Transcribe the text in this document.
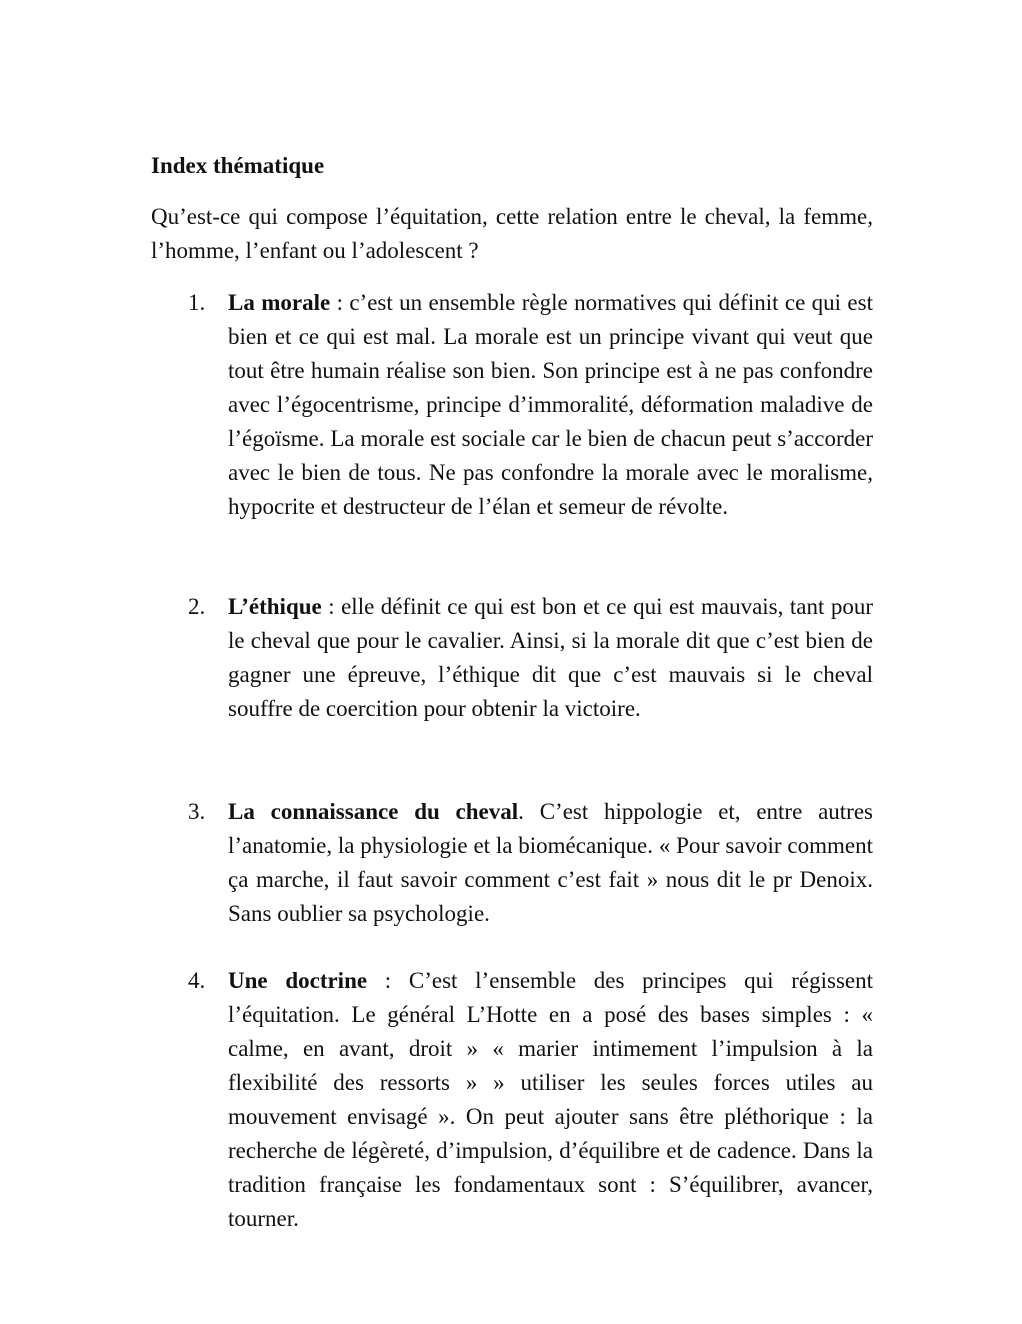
Index thématique

Qu’est-ce qui compose l’équitation, cette relation entre le cheval, la femme, l’homme, l’enfant ou l’adolescent ?

1. La morale : c’est un ensemble règle normatives qui définit ce qui est bien et ce qui est mal. La morale est un principe vivant qui veut que tout être humain réalise son bien. Son principe est à ne pas confondre avec l’égocentrisme, principe d’immoralité, déformation maladive de l’égoïsme. La morale est sociale car le bien de chacun peut s’accorder avec le bien de tous. Ne pas confondre la morale avec le moralisme, hypocrite et destructeur de l’élan et semeur de révolte.

2. L’éthique : elle définit ce qui est bon et ce qui est mauvais, tant pour le cheval que pour le cavalier. Ainsi, si la morale dit que c’est bien de gagner une épreuve, l’éthique dit que c’est mauvais si le cheval souffre de coercition pour obtenir la victoire.

3. La connaissance du cheval. C’est hippologie et, entre autres l’anatomie, la physiologie et la biomécanique. « Pour savoir comment ça marche, il faut savoir comment c’est fait » nous dit le pr Denoix. Sans oublier sa psychologie.

4. Une doctrine : C’est l’ensemble des principes qui régissent l’équitation. Le général L’Hotte en a posé des bases simples : « calme, en avant, droit » « marier intimement l’impulsion à la flexibilité des ressorts » » utiliser les seules forces utiles au mouvement envisagé ». On peut ajouter sans être pléthorique : la recherche de légèreté, d’impulsion, d’équilibre et de cadence. Dans la tradition française les fondamentaux sont : S’équilibrer, avancer, tourner.
